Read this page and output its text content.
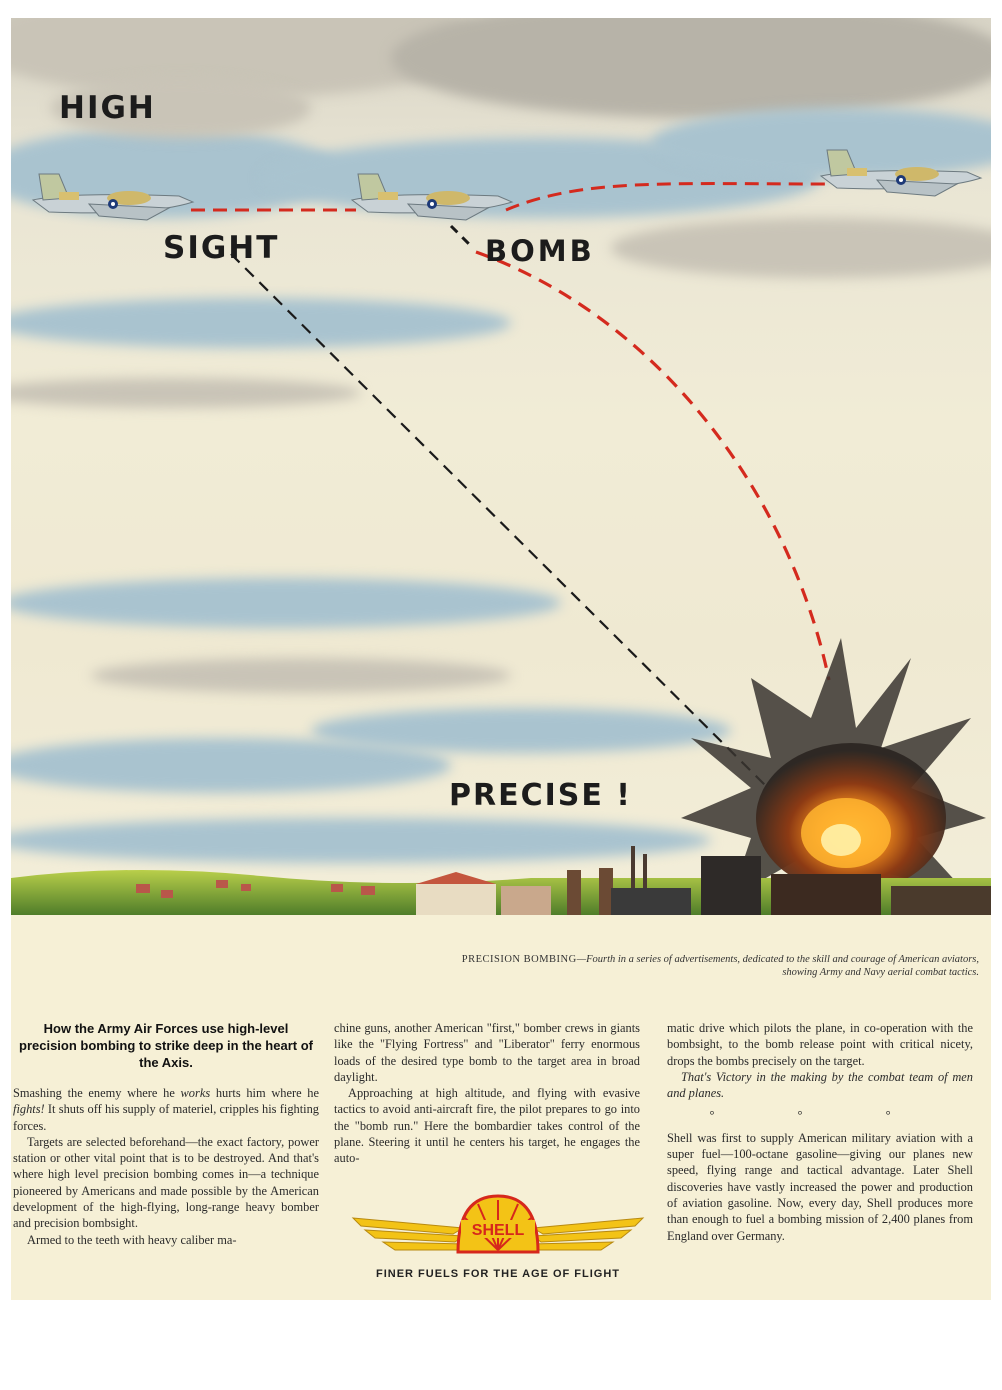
HIGH
SIGHT	BOMB
PRECISE !
PRECISION BOMBING—Fourth in a series of advertisements, dedicated to the skill and courage of American aviators, showing Army and Navy aerial combat tactics.
How the Army Air Forces use high-level precision bombing to strike deep in the heart of the Axis.

Smashing the enemy where he works hurts him where he fights! It shuts off his supply of materiel, cripples his fighting forces.

Targets are selected beforehand—the exact factory, power station or other vital point that is to be destroyed. And that's where high level precision bombing comes in—a technique pioneered by Americans and made possible by the American development of the high-flying, long-range heavy bomber and precision bombsight.

Armed to the teeth with heavy caliber ma-

chine guns, another American "first," bomber crews in giants like the "Flying Fortress" and "Liberator" ferry enormous loads of the desired type bomb to the target area in broad daylight.

Approaching at high altitude, and flying with evasive tactics to avoid anti-aircraft fire, the pilot prepares to go into the "bomb run." Here the bombardier takes control of the plane. Steering it until he centers his target, he engages the auto-

matic drive which pilots the plane, in co-operation with the bombsight, to the bomb release point with critical nicety, drops the bombs precisely on the target.

That's Victory in the making by the combat team of men and planes.

° ° °

Shell was first to supply American military aviation with a super fuel—100-octane gasoline—giving our planes new speed, flying range and tactical advantage. Later Shell discoveries have vastly increased the power and production of aviation gasoline. Now, every day, Shell produces more than enough to fuel a bombing mission of 2,400 planes from England over Germany.

SHELL
FINER FUELS FOR THE AGE OF FLIGHT
